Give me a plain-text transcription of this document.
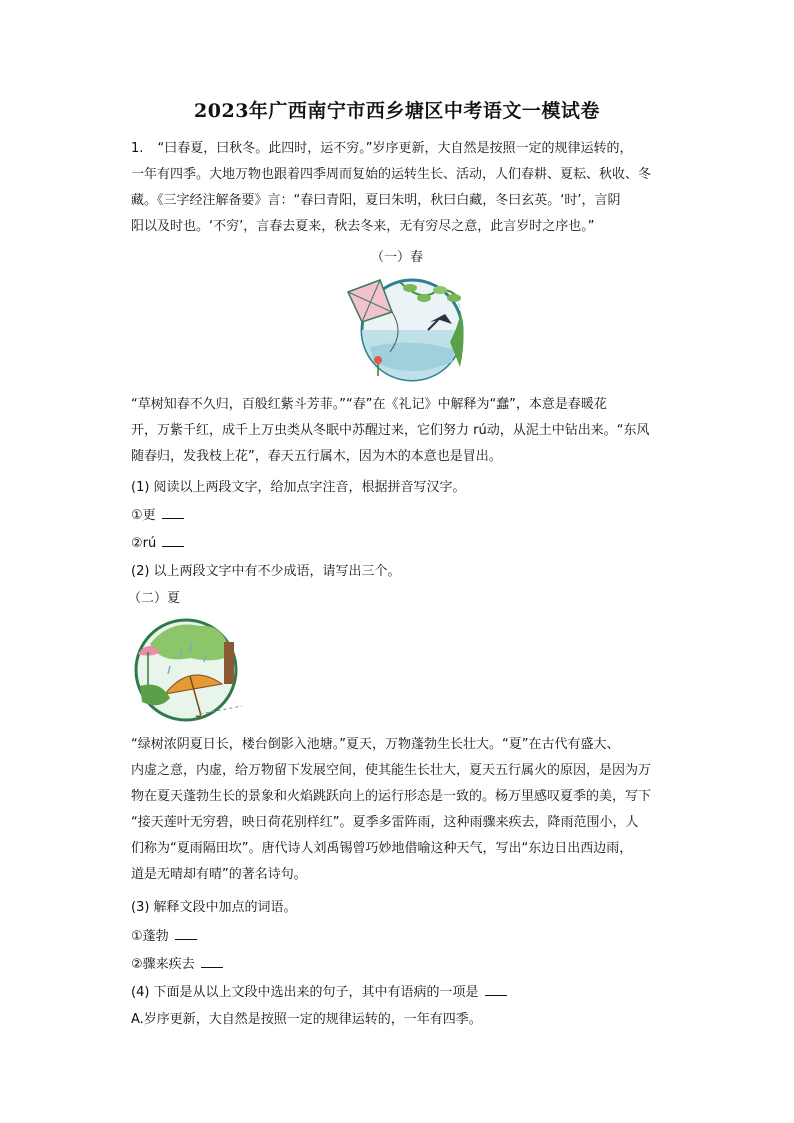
2023年广西南宁市西乡塘区中考语文一模试卷
1. “曰春夏，曰秋冬。此四时，运不穷。”岁序更新，大自然是按照一定的规律运转的，
一年有四季。大地万物也跟着四季周而复始的运转生长、活动，人们春耕、夏耘、秋收、冬
藏。《三字经注解备要》言：“春曰青阳，夏曰朱明，秋曰白藏，冬曰玄英。‘时’，言阴
阳以及时也。‘不穷’，言春去夏来，秋去冬来，无有穷尽之意，此言岁时之序也。”
（一）春
“草树知春不久归，百般红紫斗芳菲。”“春”在《礼记》中解释为“蠢”，本意是春暖花
开，万紫千红，成千上万虫类从冬眠中苏醒过来，它们努力 rú动，从泥土中钻出来。“东风
随春归，发我枝上花”，春天五行属木，因为木的本意也是冒出。
(1) 阅读以上两段文字，给加点字注音，根据拼音写汉字。
①更
②rú
(2) 以上两段文字中有不少成语，请写出三个。
（二）夏
“绿树浓阴夏日长，楼台倒影入池塘。”夏天，万物蓬勃生长壮大。“夏”在古代有盛大、
内虚之意，内虚，给万物留下发展空间，使其能生长壮大，夏天五行属火的原因，是因为万
物在夏天蓬勃生长的景象和火焰跳跃向上的运行形态是一致的。杨万里感叹夏季的美，写下
“接天莲叶无穷碧，映日荷花别样红”。夏季多雷阵雨，这种雨骤来疾去，降雨范围小，人
们称为“夏雨隔田坎”。唐代诗人刘禹锡曾巧妙地借喻这种天气，写出“东边日出西边雨，
道是无晴却有晴”的著名诗句。
(3) 解释文段中加点的词语。
①蓬勃
②骤来疾去
(4) 下面是从以上文段中选出来的句子，其中有语病的一项是
A.岁序更新，大自然是按照一定的规律运转的，一年有四季。
